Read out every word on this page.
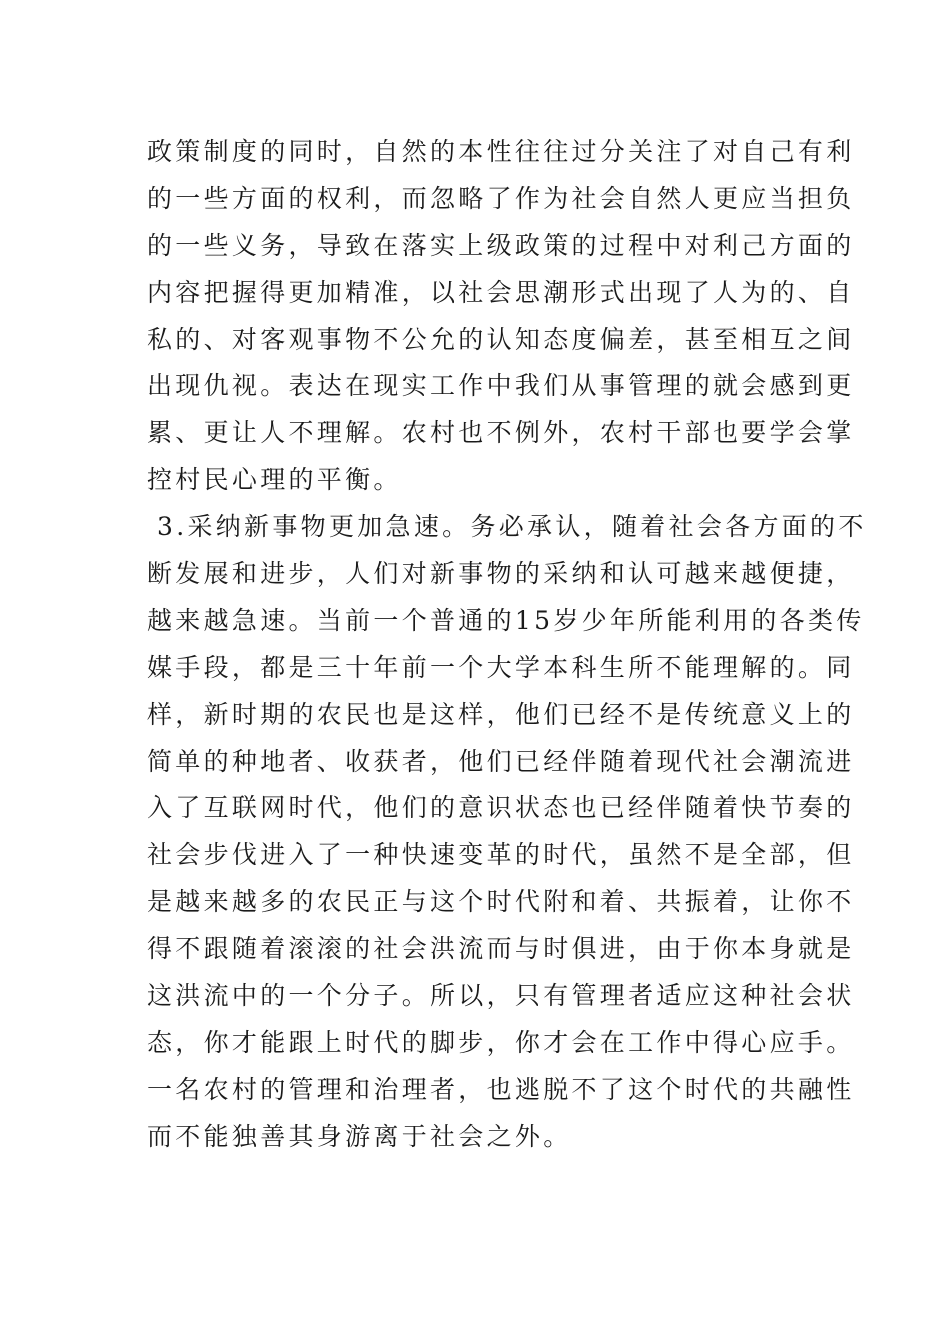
政策制度的同时，自然的本性往往过分关注了对自己有利
的一些方面的权利，而忽略了作为社会自然人更应当担负
的一些义务，导致在落实上级政策的过程中对利己方面的
内容把握得更加精准，以社会思潮形式出现了人为的、自
私的、对客观事物不公允的认知态度偏差，甚至相互之间
出现仇视。表达在现实工作中我们从事管理的就会感到更
累、更让人不理解。农村也不例外，农村干部也要学会掌
控村民心理的平衡。
3.采纳新事物更加急速。务必承认，随着社会各方面的不
断发展和进步，人们对新事物的采纳和认可越来越便捷，
越来越急速。当前一个普通的15岁少年所能利用的各类传
媒手段，都是三十年前一个大学本科生所不能理解的。同
样，新时期的农民也是这样，他们已经不是传统意义上的
简单的种地者、收获者，他们已经伴随着现代社会潮流进
入了互联网时代，他们的意识状态也已经伴随着快节奏的
社会步伐进入了一种快速变革的时代，虽然不是全部，但
是越来越多的农民正与这个时代附和着、共振着，让你不
得不跟随着滚滚的社会洪流而与时俱进，由于你本身就是
这洪流中的一个分子。所以，只有管理者适应这种社会状
态，你才能跟上时代的脚步，你才会在工作中得心应手。
一名农村的管理和治理者，也逃脱不了这个时代的共融性
而不能独善其身游离于社会之外。
